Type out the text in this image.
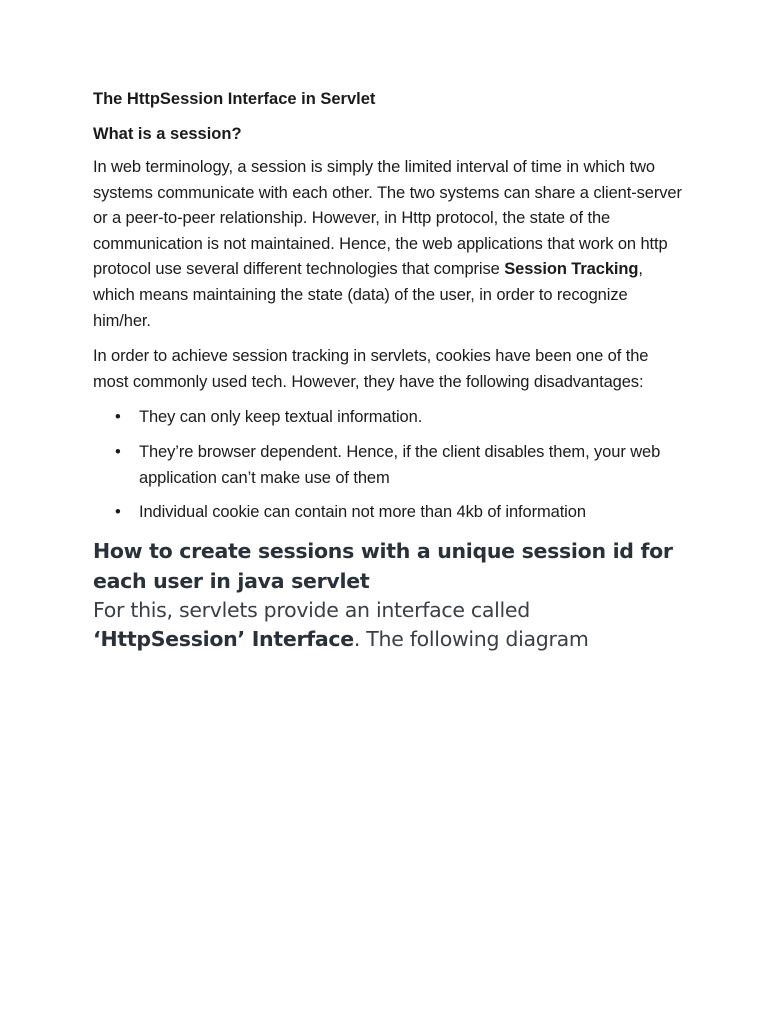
The HttpSession Interface in Servlet
What is a session?

In web terminology, a session is simply the limited interval of time in which two systems communicate with each other. The two systems can share a client-server or a peer-to-peer relationship. However, in Http protocol, the state of the communication is not maintained. Hence, the web applications that work on http protocol use several different technologies that comprise Session Tracking, which means maintaining the state (data) of the user, in order to recognize him/her.

In order to achieve session tracking in servlets, cookies have been one of the most commonly used tech. However, they have the following disadvantages:

• They can only keep textual information.
• They’re browser dependent. Hence, if the client disables them, your web application can’t make use of them
• Individual cookie can contain not more than 4kb of information
How to create sessions with a unique session id for each user in java servlet

For this, servlets provide an interface called ‘HttpSession’ Interface. The following diagram
